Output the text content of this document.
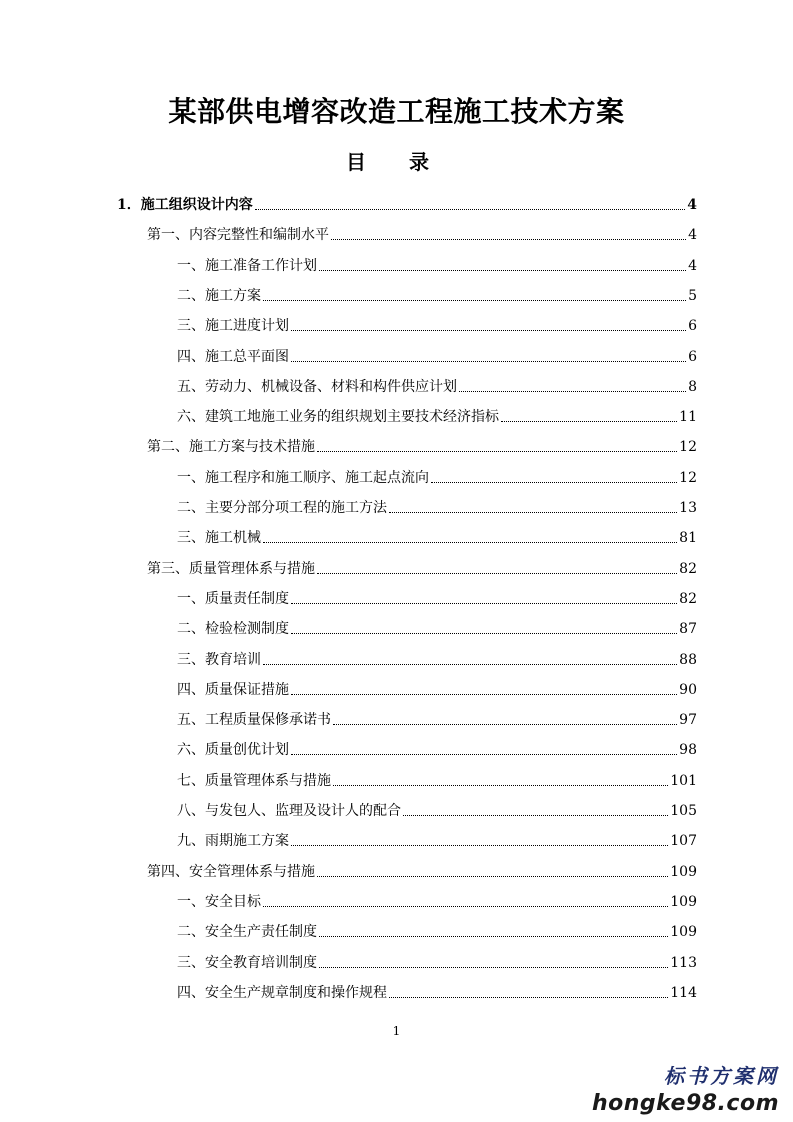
某部供电增容改造工程施工技术方案
目 录
1．施工组织设计内容	4
第一、内容完整性和编制水平	4
一、施工准备工作计划	4
二、施工方案	5
三、施工进度计划	6
四、施工总平面图	6
五、劳动力、机械设备、材料和构件供应计划	8
六、建筑工地施工业务的组织规划主要技术经济指标	11
第二、施工方案与技术措施	12
一、施工程序和施工顺序、施工起点流向	12
二、主要分部分项工程的施工方法	13
三、施工机械	81
第三、质量管理体系与措施	82
一、质量责任制度	82
二、检验检测制度	87
三、教育培训	88
四、质量保证措施	90
五、工程质量保修承诺书	97
六、质量创优计划	98
七、质量管理体系与措施	101
八、与发包人、监理及设计人的配合	105
九、雨期施工方案	107
第四、安全管理体系与措施	109
一、安全目标	109
二、安全生产责任制度	109
三、安全教育培训制度	113
四、安全生产规章制度和操作规程	114
1
标书方案网
hongke98.com
